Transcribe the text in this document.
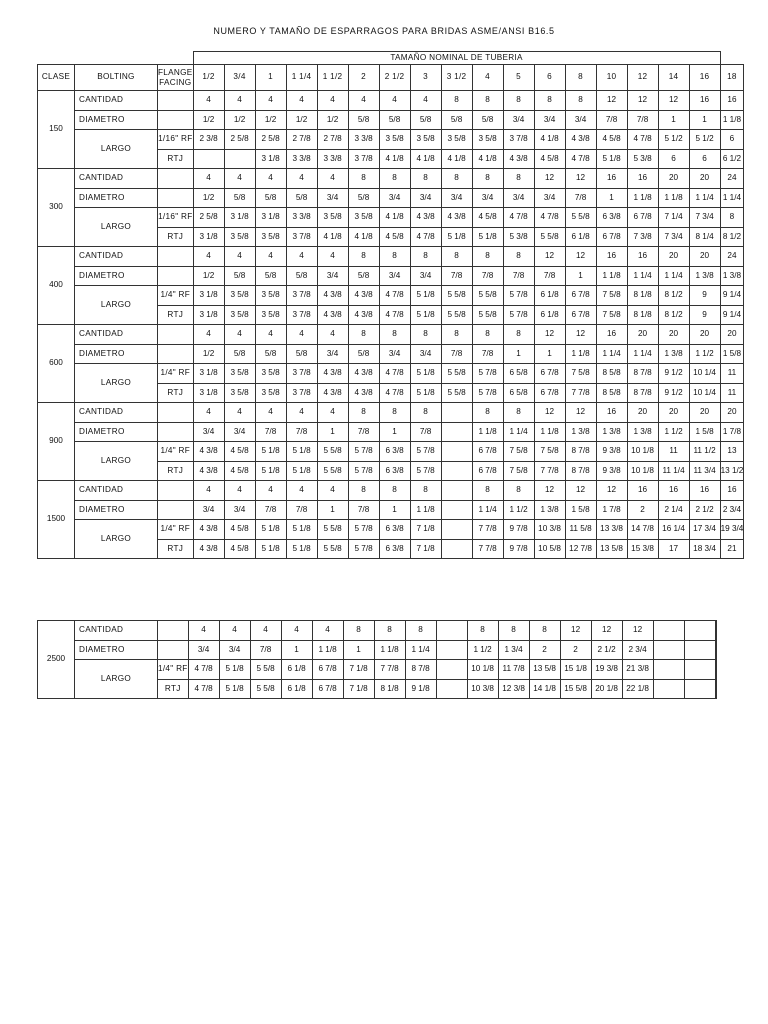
NUMERO Y TAMAÑO DE ESPARRAGOS PARA BRIDAS ASME/ANSI B16.5
			TAMAÑO NOMINAL DE TUBERIA																	
CLASE	BOLTING	FLANGE
FACING	1/2	3/4	1	1 1/4	1 1/2	2	2 1/2	3	3 1/2	4	5	6	8	10	12	14	16	18
150	CANTIDAD		4	4	4	4	4	4	4	4	8	8	8	8	8	12	12	12	16	16
	DIAMETRO		1/2	1/2	1/2	1/2	1/2	5/8	5/8	5/8	5/8	5/8	3/4	3/4	3/4	7/8	7/8	1	1	1 1/8
	LARGO	1/16" RF	2 3/8	2 5/8	2 5/8	2 7/8	2 7/8	3 3/8	3 5/8	3 5/8	3 5/8	3 5/8	3 7/8	4 1/8	4 3/8	4 5/8	4 7/8	5 1/2	5 1/2	6
		RTJ			3 1/8	3 3/8	3 3/8	3 7/8	4 1/8	4 1/8	4 1/8	4 1/8	4 3/8	4 5/8	4 7/8	5 1/8	5 3/8	6	6	6 1/2
300	CANTIDAD		4	4	4	4	4	8	8	8	8	8	8	12	12	16	16	20	20	24
	DIAMETRO		1/2	5/8	5/8	5/8	3/4	5/8	3/4	3/4	3/4	3/4	3/4	3/4	7/8	1	1 1/8	1 1/8	1 1/4	1 1/4
	LARGO	1/16" RF	2 5/8	3 1/8	3 1/8	3 3/8	3 5/8	3 5/8	4 1/8	4 3/8	4 3/8	4 5/8	4 7/8	4 7/8	5 5/8	6 3/8	6 7/8	7 1/4	7 3/4	8
		RTJ	3 1/8	3 5/8	3 5/8	3 7/8	4 1/8	4 1/8	4 5/8	4 7/8	5 1/8	5 1/8	5 3/8	5 5/8	6 1/8	6 7/8	7 3/8	7 3/4	8 1/4	8 1/2
400	CANTIDAD		4	4	4	4	4	8	8	8	8	8	8	12	12	16	16	20	20	24
	DIAMETRO		1/2	5/8	5/8	5/8	3/4	5/8	3/4	3/4	7/8	7/8	7/8	7/8	1	1 1/8	1 1/4	1 1/4	1 3/8	1 3/8
	LARGO	1/4" RF	3 1/8	3 5/8	3 5/8	3 7/8	4 3/8	4 3/8	4 7/8	5 1/8	5 5/8	5 5/8	5 7/8	6 1/8	6 7/8	7 5/8	8 1/8	8 1/2	9	9 1/4
		RTJ	3 1/8	3 5/8	3 5/8	3 7/8	4 3/8	4 3/8	4 7/8	5 1/8	5 5/8	5 5/8	5 7/8	6 1/8	6 7/8	7 5/8	8 1/8	8 1/2	9	9 1/4
600	CANTIDAD		4	4	4	4	4	8	8	8	8	8	8	12	12	16	20	20	20	20
	DIAMETRO		1/2	5/8	5/8	5/8	3/4	5/8	3/4	3/4	7/8	7/8	1	1	1 1/8	1 1/4	1 1/4	1 3/8	1 1/2	1 5/8
	LARGO	1/4" RF	3 1/8	3 5/8	3 5/8	3 7/8	4 3/8	4 3/8	4 7/8	5 1/8	5 5/8	5 7/8	6 5/8	6 7/8	7 5/8	8 5/8	8 7/8	9 1/2	10 1/4	11
		RTJ	3 1/8	3 5/8	3 5/8	3 7/8	4 3/8	4 3/8	4 7/8	5 1/8	5 5/8	5 7/8	6 5/8	6 7/8	7 7/8	8 5/8	8 7/8	9 1/2	10 1/4	11
900	CANTIDAD		4	4	4	4	4	8	8	8		8	8	12	12	16	20	20	20	20
	DIAMETRO		3/4	3/4	7/8	7/8	1	7/8	1	7/8		1 1/8	1 1/4	1 1/8	1 3/8	1 3/8	1 3/8	1 1/2	1 5/8	1 7/8
	LARGO	1/4" RF	4 3/8	4 5/8	5 1/8	5 1/8	5 5/8	5 7/8	6 3/8	5 7/8		6 7/8	7 5/8	7 5/8	8 7/8	9 3/8	10 1/8	11	11 1/2	13
		RTJ	4 3/8	4 5/8	5 1/8	5 1/8	5 5/8	5 7/8	6 3/8	5 7/8		6 7/8	7 5/8	7 7/8	8 7/8	9 3/8	10 1/8	11 1/4	11 3/4	13 1/2
1500	CANTIDAD		4	4	4	4	4	8	8	8		8	8	12	12	12	16	16	16	16
	DIAMETRO		3/4	3/4	7/8	7/8	1	7/8	1	1 1/8		1 1/4	1 1/2	1 3/8	1 5/8	1 7/8	2	2 1/4	2 1/2	2 3/4
	LARGO	1/4" RF	4 3/8	4 5/8	5 1/8	5 1/8	5 5/8	5 7/8	6 3/8	7 1/8		7 7/8	9 7/8	10 3/8	11 5/8	13 3/8	14 7/8	16 1/4	17 3/4	19 3/4
		RTJ	4 3/8	4 5/8	5 1/8	5 1/8	5 5/8	5 7/8	6 3/8	7 1/8		7 7/8	9 7/8	10 5/8	12 7/8	13 5/8	15 3/8	17	18 3/4	21
2500	CANTIDAD		4	4	4	4	4	8	8	8		8	8	8	12	12	12			
	DIAMETRO		3/4	3/4	7/8	1	1 1/8	1	1 1/8	1 1/4		1 1/2	1 3/4	2	2	2 1/2	2 3/4			
	LARGO	1/4" RF	4 7/8	5 1/8	5 5/8	6 1/8	6 7/8	7 1/8	7 7/8	8 7/8		10 1/8	11 7/8	13 5/8	15 1/8	19 3/8	21 3/8			
		RTJ	4 7/8	5 1/8	5 5/8	6 1/8	6 7/8	7 1/8	8 1/8	9 1/8		10 3/8	12 3/8	14 1/8	15 5/8	20 1/8	22 1/8			
